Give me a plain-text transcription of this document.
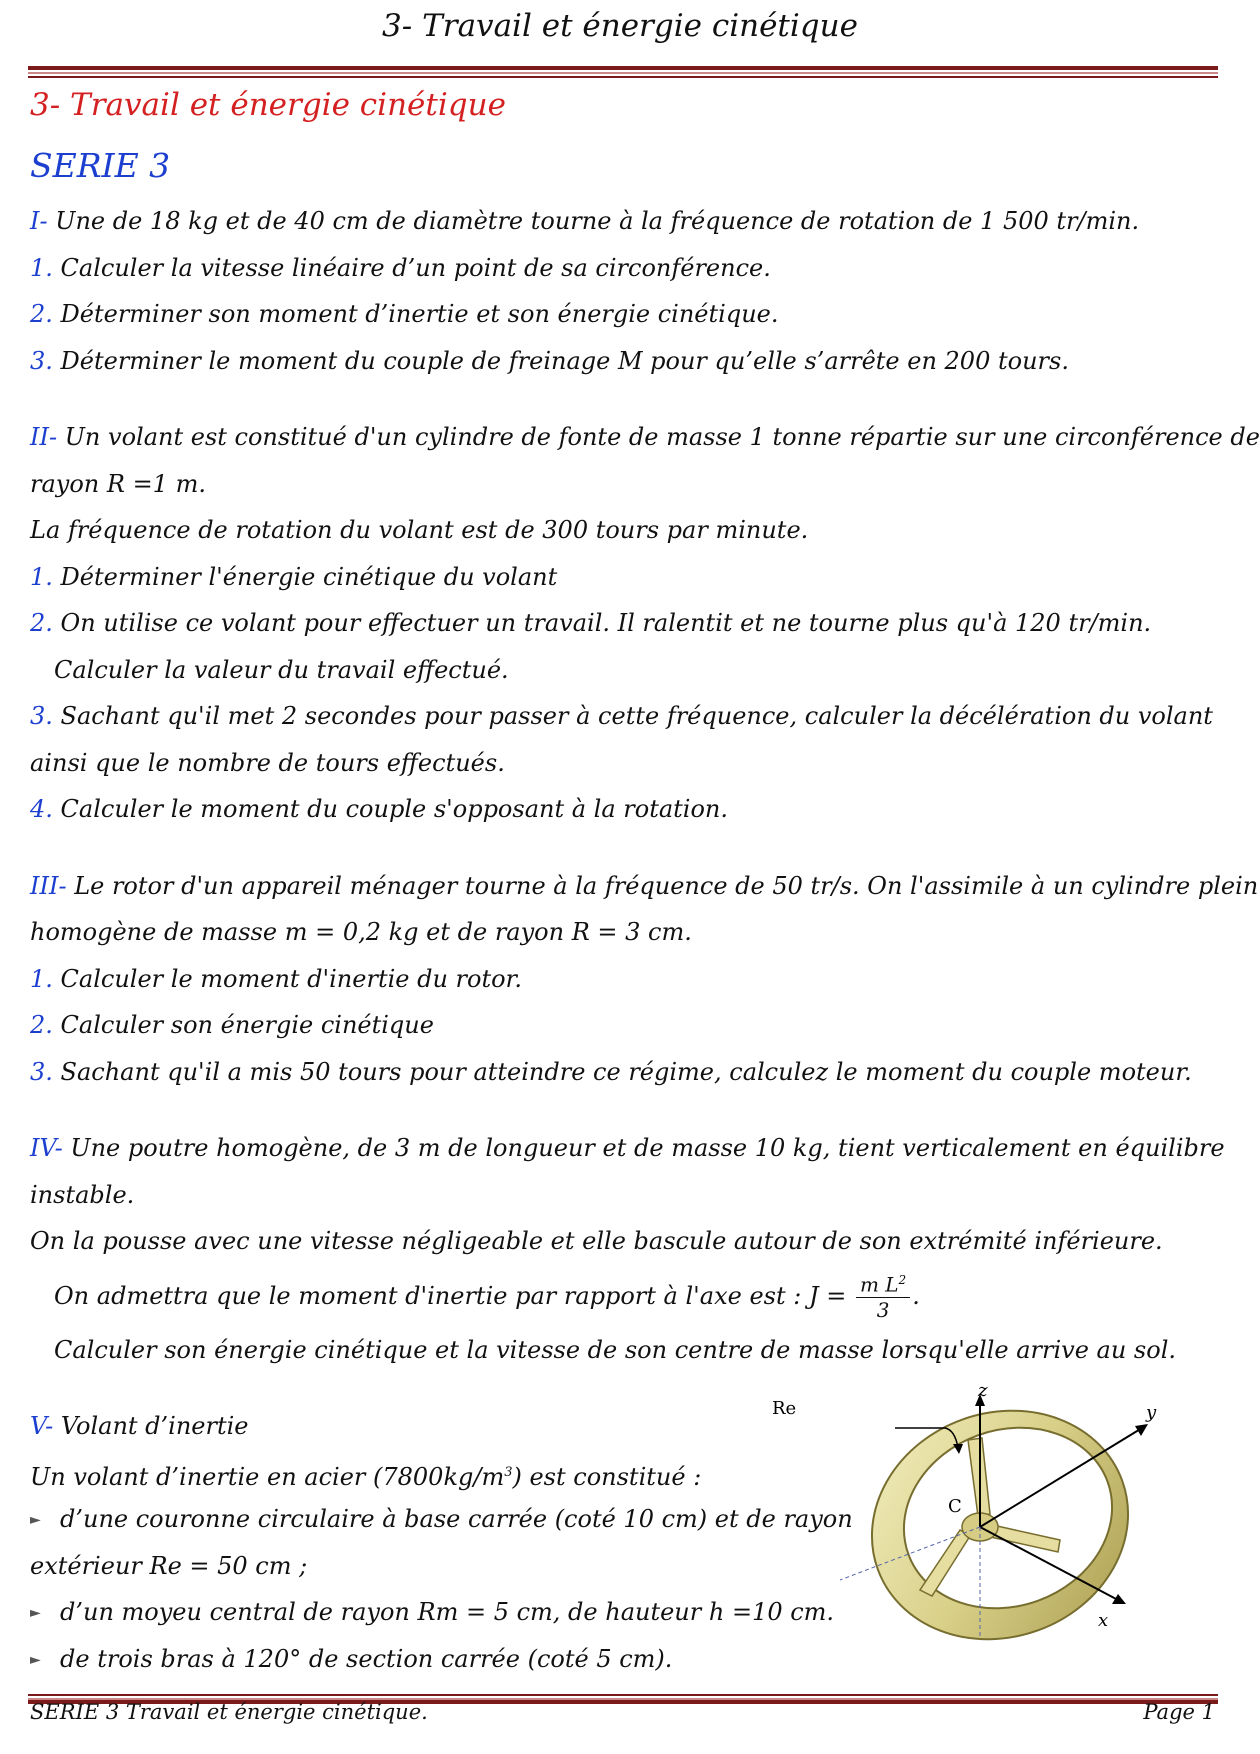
3- Travail et énergie cinétique
3- Travail et énergie cinétique
SERIE 3
I- Une de 18 kg et de 40 cm de diamètre tourne à la fréquence de rotation de 1 500 tr/min.
1. Calculer la vitesse linéaire d’un point de sa circonférence.
2. Déterminer son moment d’inertie et son énergie cinétique.
3. Déterminer le moment du couple de freinage M pour qu’elle s’arrête en 200 tours.
II- Un volant est constitué d'un cylindre de fonte de masse 1 tonne répartie sur une circonférence de
rayon R =1 m.
La fréquence de rotation du volant est de 300 tours par minute.
1. Déterminer l'énergie cinétique du volant
2. On utilise ce volant pour effectuer un travail. Il ralentit et ne tourne plus qu'à 120 tr/min.
Calculer la valeur du travail effectué.
3. Sachant qu'il met 2 secondes pour passer à cette fréquence, calculer la décélération du volant
ainsi que le nombre de tours effectués.
4. Calculer le moment du couple s'opposant à la rotation.
III- Le rotor d'un appareil ménager tourne à la fréquence de 50 tr/s. On l'assimile à un cylindre plein
homogène de masse m = 0,2 kg et de rayon R = 3 cm.
1. Calculer le moment d'inertie du rotor.
2. Calculer son énergie cinétique
3. Sachant qu'il a mis 50 tours pour atteindre ce régime, calculez le moment du couple moteur.
IV- Une poutre homogène, de 3 m de longueur et de masse 10 kg, tient verticalement en équilibre
instable.
On la pousse avec une vitesse négligeable et elle bascule autour de son extrémité inférieure.
On admettra que le moment d'inertie par rapport à l'axe est : $J = \frac{m L^2}{3}$ .
Calculer son énergie cinétique et la vitesse de son centre de masse lorsqu'elle arrive au sol.
V- Volant d’inertie
Un volant d’inertie en acier $(7800kg/m^3)$ est constitué :
► d’une couronne circulaire à base carrée (coté 10 cm) et de rayon
extérieur Re = 50 cm ;
► d’un moyeu central de rayon Rm = 5 cm, de hauteur h =10 cm.
► de trois bras à 120° de section carrée (coté 5 cm).
Re
z
y
x
C
SERIE 3 Travail et énergie cinétique.	Page 1
